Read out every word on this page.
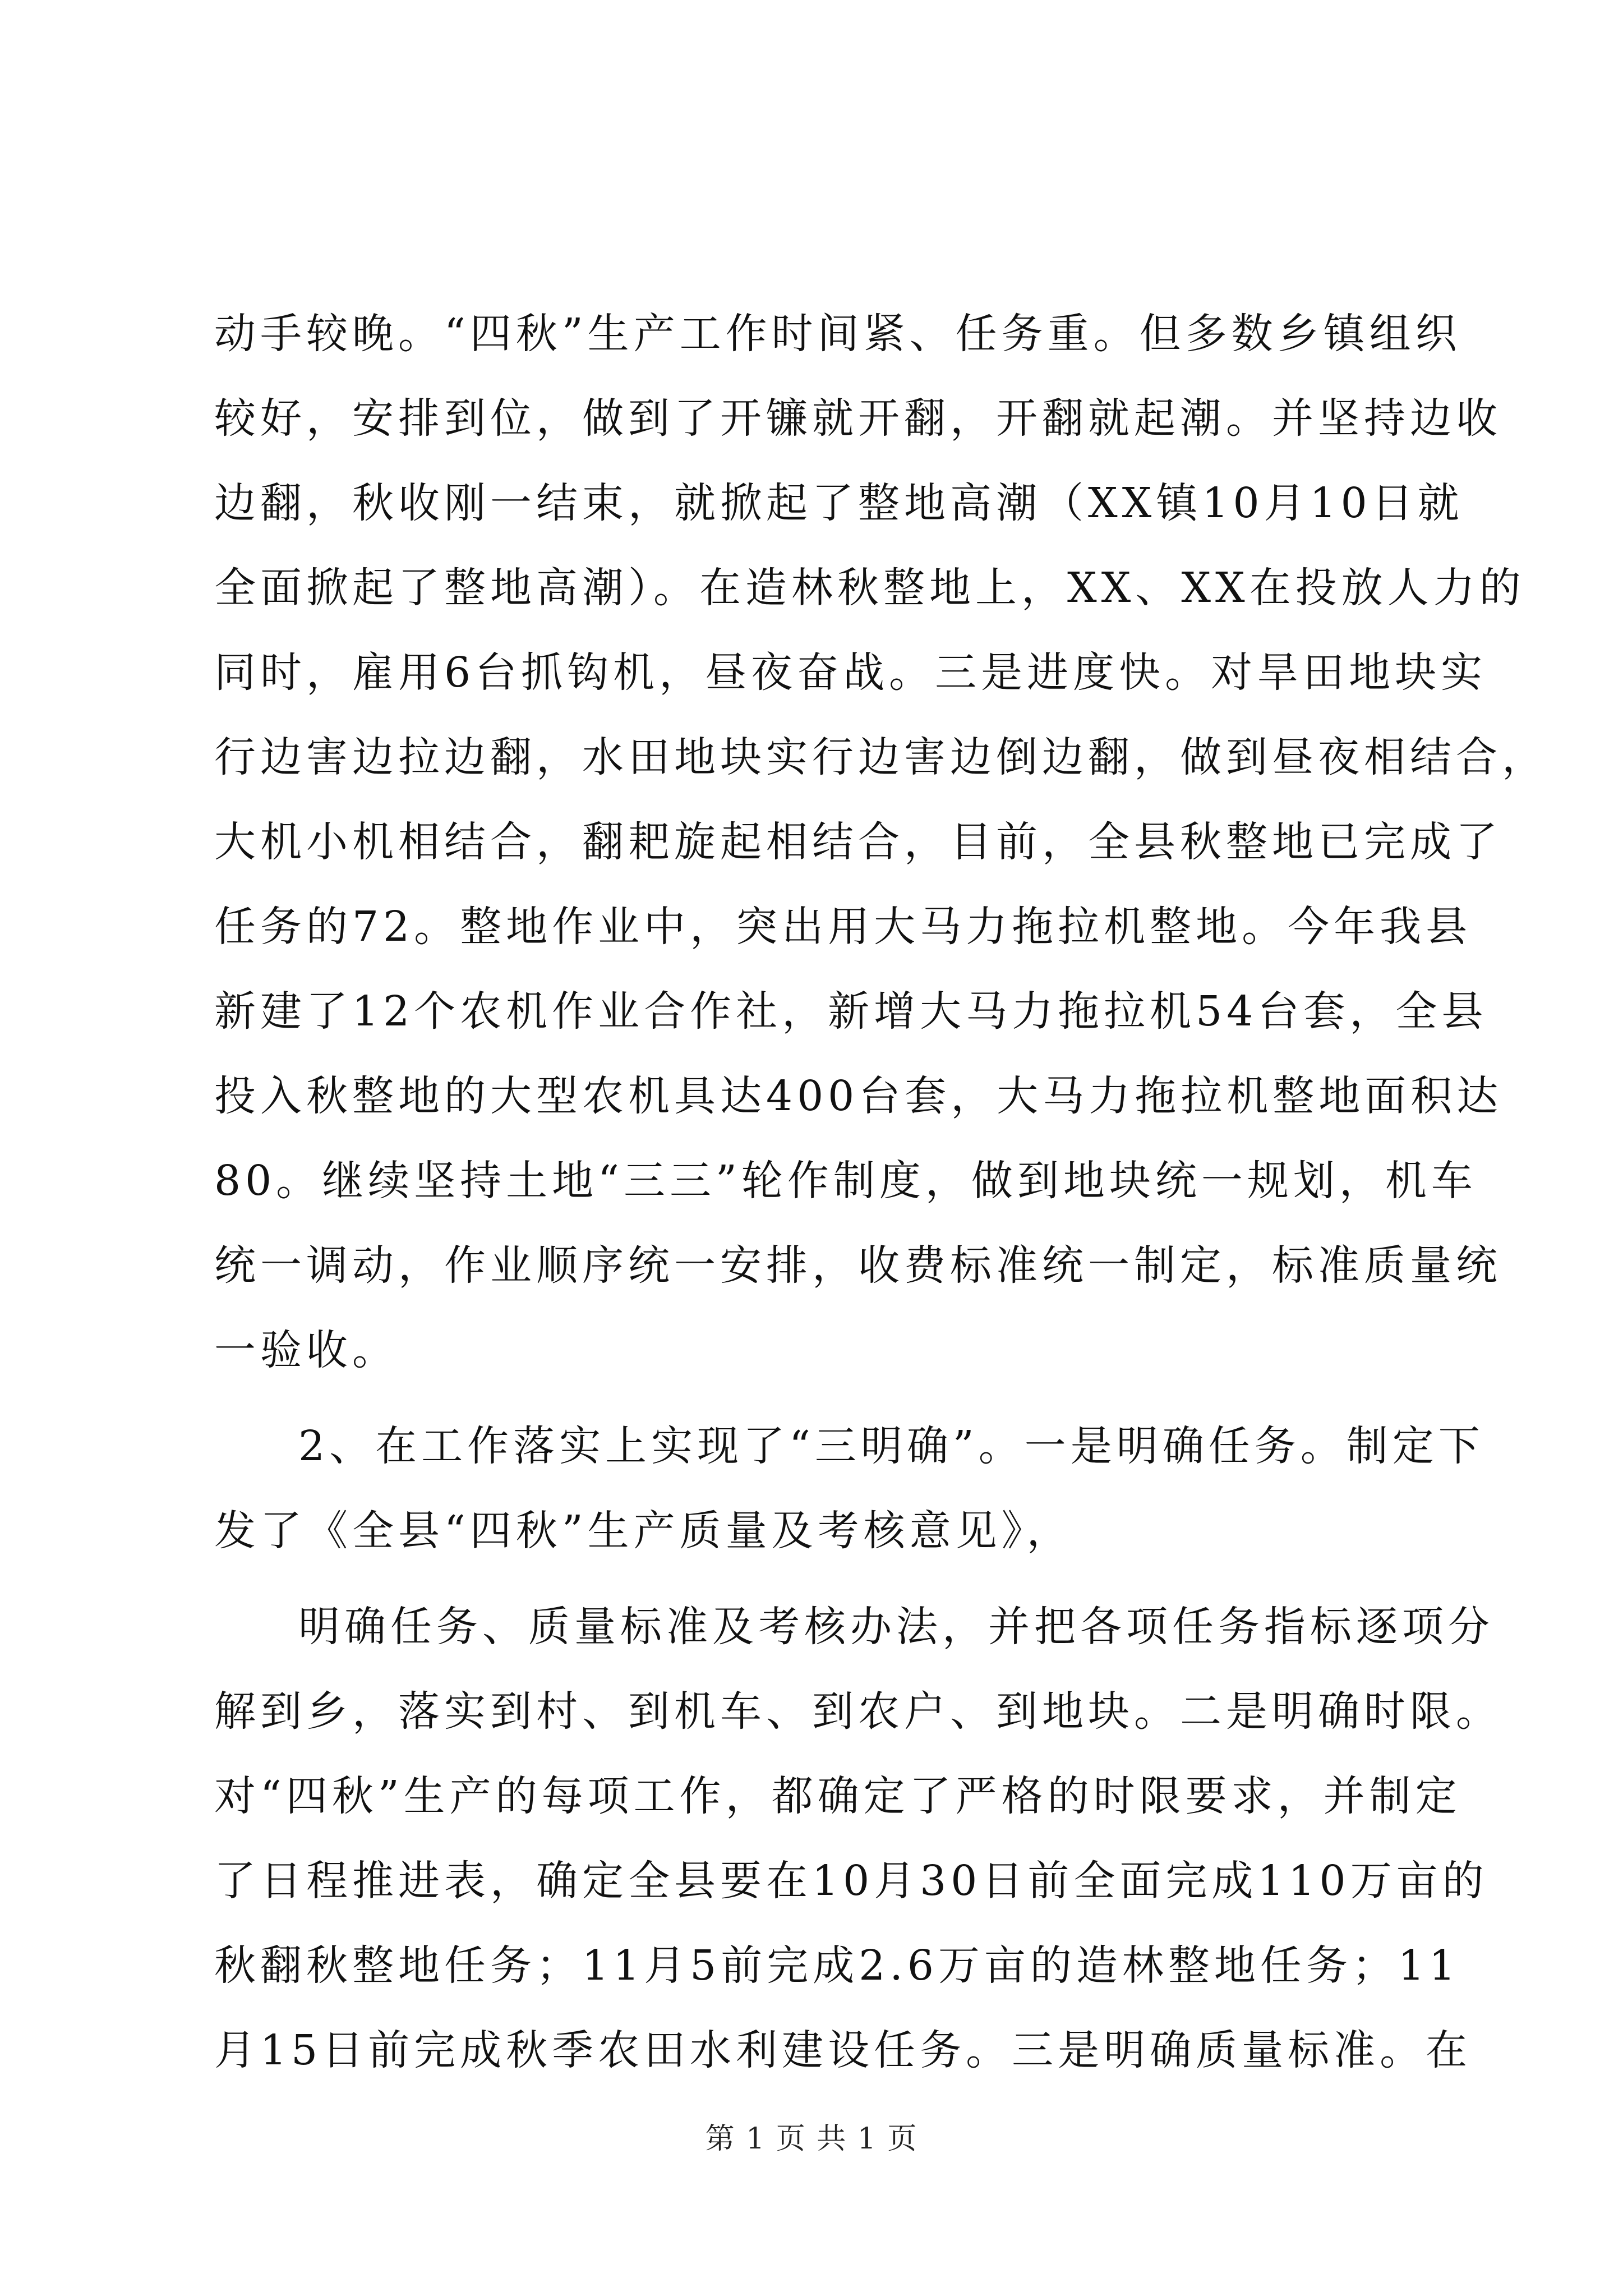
动手较晚。“四秋”生产工作时间紧、任务重。但多数乡镇组织
较好，安排到位，做到了开镰就开翻，开翻就起潮。并坚持边收
边翻，秋收刚一结束，就掀起了整地高潮（XX镇10月10日就
全面掀起了整地高潮）。在造林秋整地上，XX、XX在投放人力的
同时，雇用6台抓钩机，昼夜奋战。三是进度快。对旱田地块实
行边害边拉边翻，水田地块实行边害边倒边翻，做到昼夜相结合，
大机小机相结合，翻耙旋起相结合，目前，全县秋整地已完成了
任务的72。整地作业中，突出用大马力拖拉机整地。今年我县
新建了12个农机作业合作社，新增大马力拖拉机54台套，全县
投入秋整地的大型农机具达400台套，大马力拖拉机整地面积达
80。继续坚持土地“三三”轮作制度，做到地块统一规划，机车
统一调动，作业顺序统一安排，收费标准统一制定，标准质量统
一验收。
2、在工作落实上实现了“三明确”。一是明确任务。制定下
发了《全县“四秋”生产质量及考核意见》，
明确任务、质量标准及考核办法，并把各项任务指标逐项分
解到乡，落实到村、到机车、到农户、到地块。二是明确时限。
对“四秋”生产的每项工作，都确定了严格的时限要求，并制定
了日程推进表，确定全县要在10月30日前全面完成110万亩的
秋翻秋整地任务；11月5前完成2.6万亩的造林整地任务；11
月15日前完成秋季农田水利建设任务。三是明确质量标准。在
第 1 页 共 1 页
